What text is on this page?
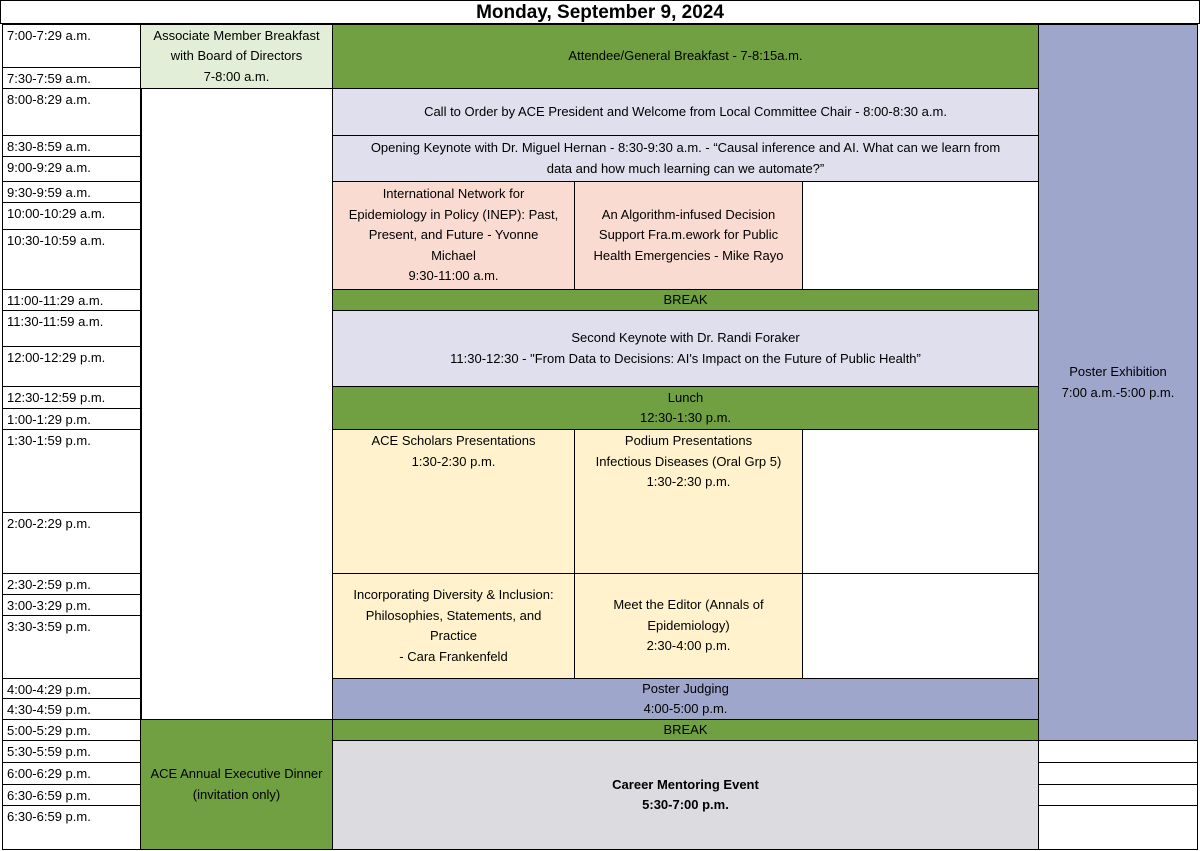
Monday, September 9, 2024
7:00-7:29 a.m.
7:30-7:59 a.m.
8:00-8:29 a.m.
8:30-8:59 a.m.
9:00-9:29 a.m.
9:30-9:59 a.m.
10:00-10:29 a.m.
10:30-10:59 a.m.
11:00-11:29 a.m.
11:30-11:59 a.m.
12:00-12:29 p.m.
12:30-12:59 p.m.
1:00-1:29 p.m.
1:30-1:59 p.m.
2:00-2:29 p.m.
2:30-2:59 p.m.
3:00-3:29 p.m.
3:30-3:59 p.m.
4:00-4:29 p.m.
4:30-4:59 p.m.
5:00-5:29 p.m.
5:30-5:59 p.m.
6:00-6:29 p.m.
6:30-6:59 p.m.
6:30-6:59 p.m.
Associate Member Breakfast
with Board of Directors
7-8:00 a.m.
Attendee/General Breakfast - 7-8:15a.m.
Call to Order by ACE President and Welcome from Local Committee Chair - 8:00-8:30 a.m.
Opening Keynote with Dr. Miguel Hernan - 8:30-9:30 a.m. - “Causal inference and AI. What can we learn from
data and how much learning can we automate?”
International Network for
Epidemiology in Policy (INEP): Past,
Present, and Future - Yvonne
Michael
9:30-11:00 a.m.
An Algorithm-infused Decision
Support Fra.m.ework for Public
Health Emergencies - Mike Rayo
BREAK
Second Keynote with Dr. Randi Foraker
11:30-12:30 - "From Data to Decisions: AI's Impact on the Future of Public Health”
Lunch
12:30-1:30 p.m.
ACE Scholars Presentations
1:30-2:30 p.m.
Podium Presentations
Infectious Diseases (Oral Grp 5)
1:30-2:30 p.m.
Incorporating Diversity & Inclusion:
Philosophies, Statements, and
Practice
- Cara Frankenfeld
Meet the Editor (Annals of
Epidemiology)
2:30-4:00 p.m.
Poster Judging
4:00-5:00 p.m.
BREAK
ACE Annual Executive Dinner
(invitation only)
Career Mentoring Event
5:30-7:00 p.m.
Poster Exhibition
7:00 a.m.-5:00 p.m.
